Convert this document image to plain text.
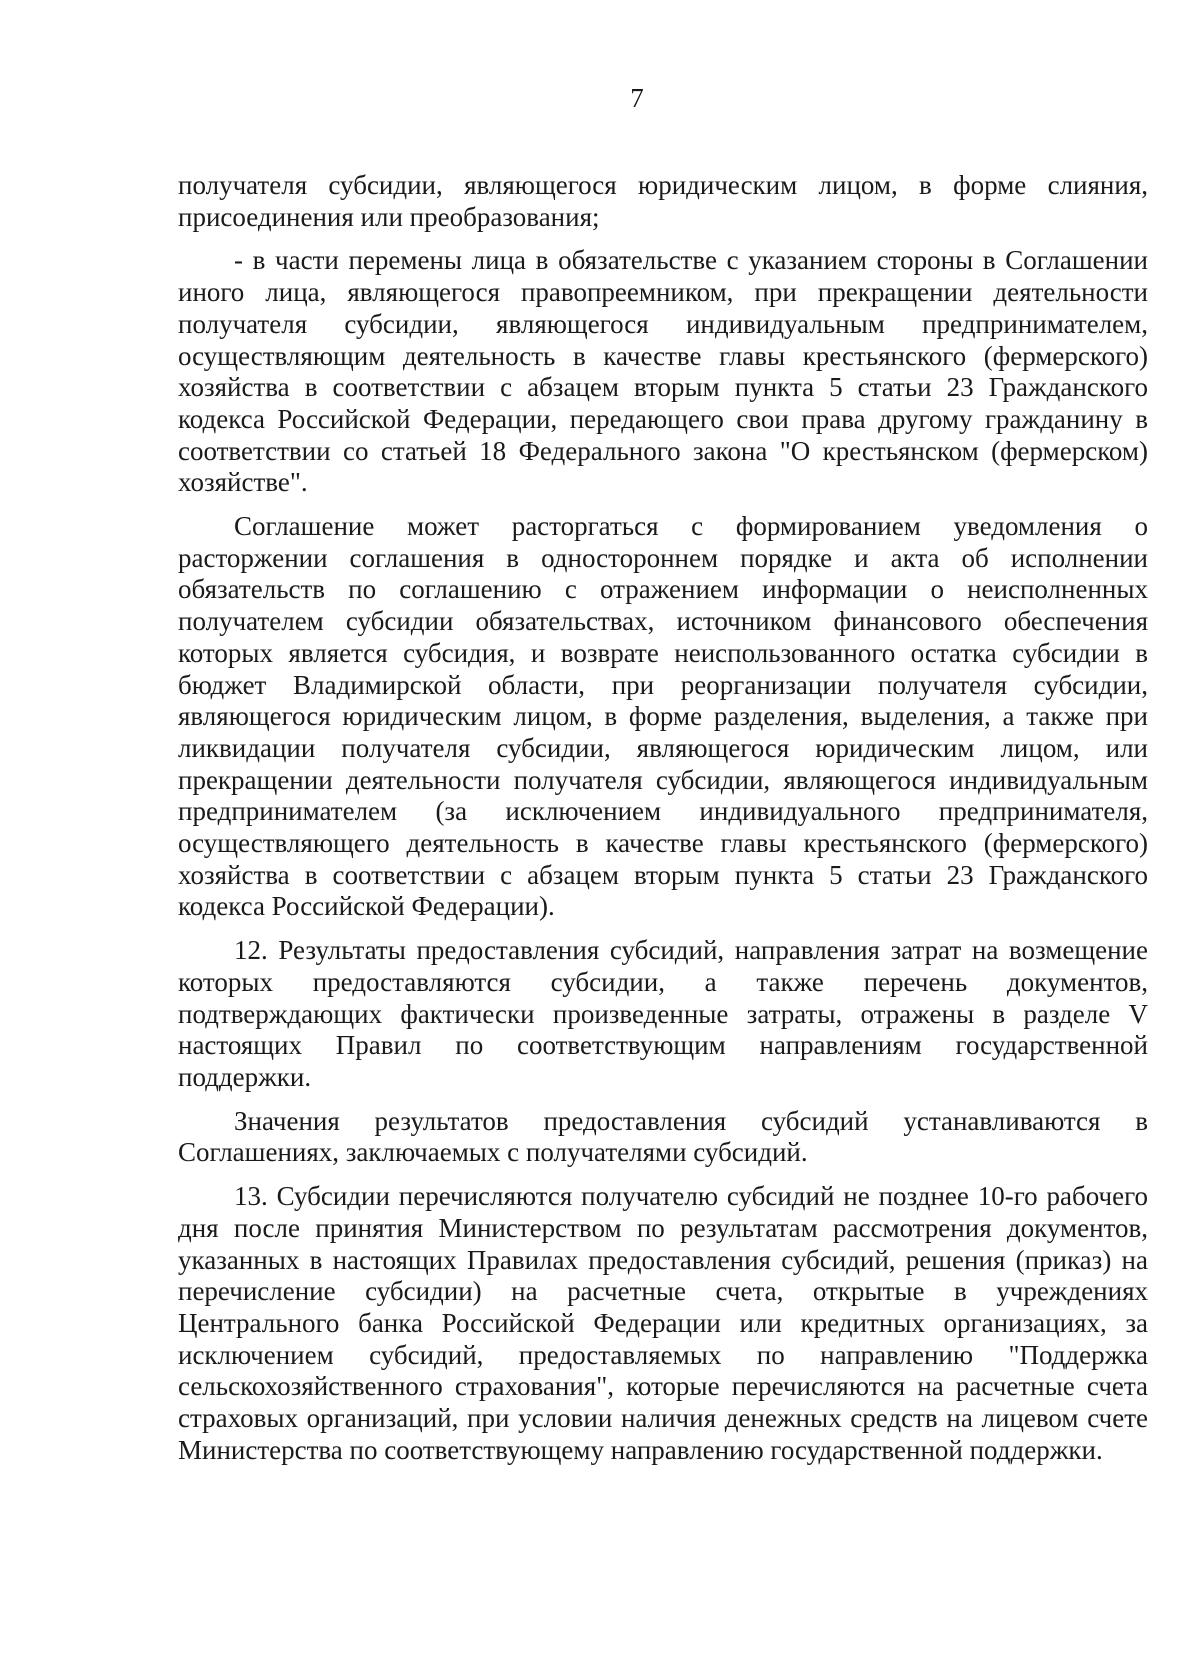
7

получателя субсидии, являющегося юридическим лицом, в форме слияния, присоединения или преобразования;

- в части перемены лица в обязательстве с указанием стороны в Соглашении иного лица, являющегося правопреемником, при прекращении деятельности получателя субсидии, являющегося индивидуальным предпринимателем, осуществляющим деятельность в качестве главы крестьянского (фермерского) хозяйства в соответствии с абзацем вторым пункта 5 статьи 23 Гражданского кодекса Российской Федерации, передающего свои права другому гражданину в соответствии со статьей 18 Федерального закона "О крестьянском (фермерском) хозяйстве".

Соглашение может расторгаться с формированием уведомления о расторжении соглашения в одностороннем порядке и акта об исполнении обязательств по соглашению с отражением информации о неисполненных получателем субсидии обязательствах, источником финансового обеспечения которых является субсидия, и возврате неиспользованного остатка субсидии в бюджет Владимирской области, при реорганизации получателя субсидии, являющегося юридическим лицом, в форме разделения, выделения, а также при ликвидации получателя субсидии, являющегося юридическим лицом, или прекращении деятельности получателя субсидии, являющегося индивидуальным предпринимателем (за исключением индивидуального предпринимателя, осуществляющего деятельность в качестве главы крестьянского (фермерского) хозяйства в соответствии с абзацем вторым пункта 5 статьи 23 Гражданского кодекса Российской Федерации).

12. Результаты предоставления субсидий, направления затрат на возмещение которых предоставляются субсидии, а также перечень документов, подтверждающих фактически произведенные затраты, отражены в разделе V настоящих Правил по соответствующим направлениям государственной поддержки.

Значения результатов предоставления субсидий устанавливаются в Соглашениях, заключаемых с получателями субсидий.

13. Субсидии перечисляются получателю субсидий не позднее 10-го рабочего дня после принятия Министерством по результатам рассмотрения документов, указанных в настоящих Правилах предоставления субсидий, решения (приказ) на перечисление субсидии) на расчетные счета, открытые в учреждениях Центрального банка Российской Федерации или кредитных организациях, за исключением субсидий, предоставляемых по направлению "Поддержка сельскохозяйственного страхования", которые перечисляются на расчетные счета страховых организаций, при условии наличия денежных средств на лицевом счете Министерства по соответствующему направлению государственной поддержки.
